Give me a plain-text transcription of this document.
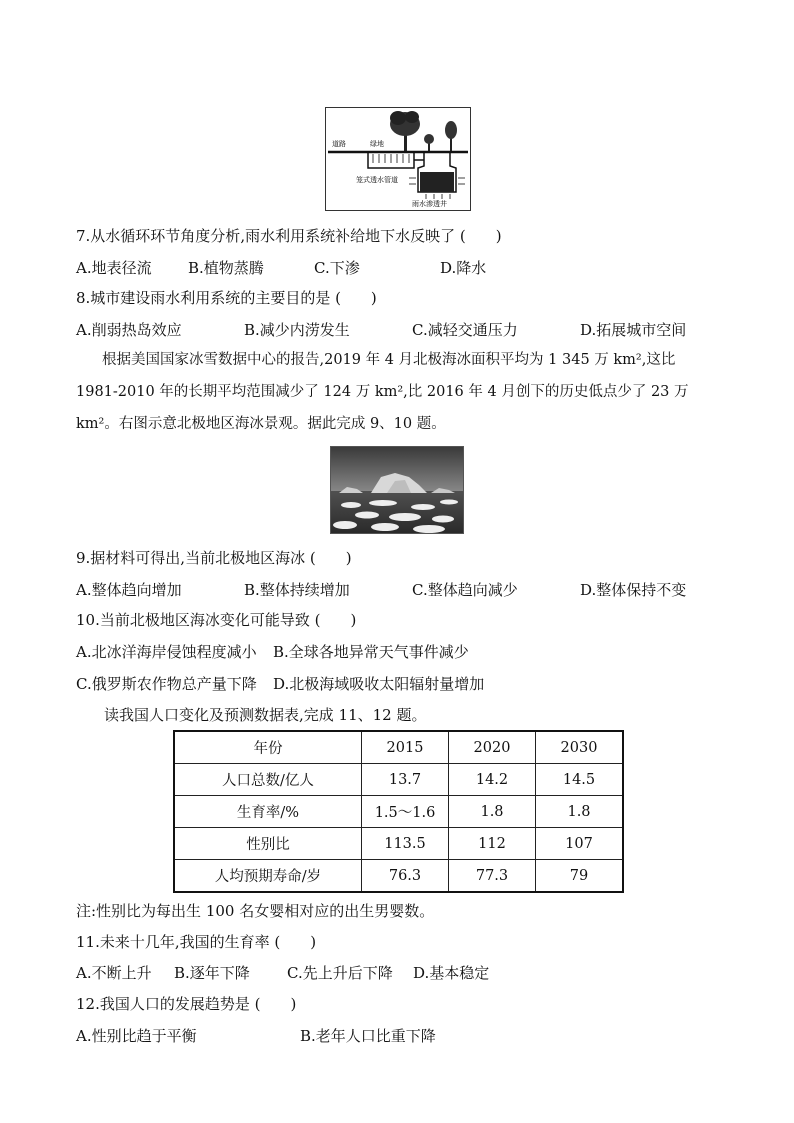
道路	绿地
笼式透水管道
雨水渗透井
7.从水循环环节角度分析,雨水利用系统补给地下水反映了 (　　)
A.地表径流 B.植物蒸腾	C.下渗	D.降水
8.城市建设雨水利用系统的主要目的是 (　　)
A.削弱热岛效应	B.减少内涝发生	C.减轻交通压力	D.拓展城市空间
根据美国国家冰雪数据中心的报告,2019 年 4 月北极海冰面积平均为 1 345 万 km²,这比 1981-2010 年的长期平均范围减少了 124 万 km²,比 2016 年 4 月创下的历史低点少了 23 万 km²。右图示意北极地区海冰景观。据此完成 9、10 题。
9.据材料可得出,当前北极地区海冰 (　　)
A.整体趋向增加	B.整体持续增加	C.整体趋向减少	D.整体保持不变
10.当前北极地区海冰变化可能导致 (　　)
A.北冰洋海岸侵蚀程度减小 B.全球各地异常天气事件减少
C.俄罗斯农作物总产量下降 D.北极海域吸收太阳辐射量增加
读我国人口变化及预测数据表,完成 11、12 题。
年份	2015	2020	2030
人口总数/亿人	13.7	14.2	14.5
生育率/%	1.5～1.6	1.8	1.8
性别比	113.5	112	107
人均预期寿命/岁	76.3	77.3	79
注:性别比为每出生 100 名女婴相对应的出生男婴数。
11.未来十几年,我国的生育率 (　　)
A.不断上升 B.逐年下降 C.先上升后下降 D.基本稳定
12.我国人口的发展趋势是 (　　)
A.性别比趋于平衡	B.老年人口比重下降
